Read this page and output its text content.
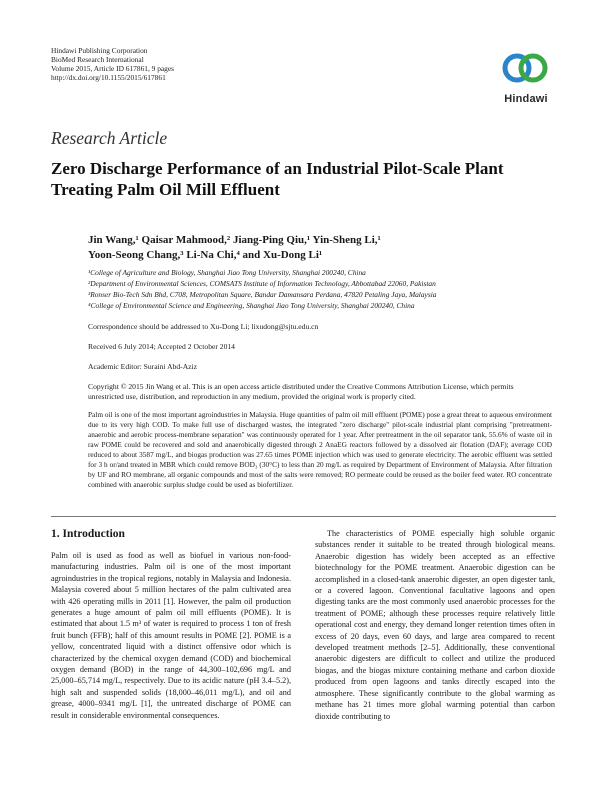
Hindawi Publishing Corporation
BioMed Research International
Volume 2015, Article ID 617861, 9 pages
http://dx.doi.org/10.1155/2015/617861
Hindawi
Research Article
Zero Discharge Performance of an Industrial Pilot-Scale Plant Treating Palm Oil Mill Effluent
Jin Wang,¹ Qaisar Mahmood,² Jiang-Ping Qiu,¹ Yin-Sheng Li,¹
Yoon-Seong Chang,³ Li-Na Chi,⁴ and Xu-Dong Li¹
¹College of Agriculture and Biology, Shanghai Jiao Tong University, Shanghai 200240, China
²Department of Environmental Sciences, COMSATS Institute of Information Technology, Abbottabad 22060, Pakistan
³Ronser Bio-Tech Sdn Bhd, C708, Metropolitan Square, Bandar Damansara Perdana, 47820 Petaling Jaya, Malaysia
⁴College of Environmental Science and Engineering, Shanghai Jiao Tong University, Shanghai 200240, China
Correspondence should be addressed to Xu-Dong Li; lixudong@sjtu.edu.cn
Received 6 July 2014; Accepted 2 October 2014
Academic Editor: Suraini Abd-Aziz
Copyright © 2015 Jin Wang et al. This is an open access article distributed under the Creative Commons Attribution License, which permits unrestricted use, distribution, and reproduction in any medium, provided the original work is properly cited.
Palm oil is one of the most important agroindustries in Malaysia. Huge quantities of palm oil mill effluent (POME) pose a great threat to aqueous environment due to its very high COD. To make full use of discharged wastes, the integrated "zero discharge" pilot-scale industrial plant comprising "pretreatment-anaerobic and aerobic process-membrane separation" was continuously operated for 1 year. After pretreatment in the oil separator tank, 55.6% of waste oil in raw POME could be recovered and sold and anaerobically digested through 2 AnaEG reactors followed by a dissolved air flotation (DAF); average COD reduced to about 3587 mg/L, and biogas production was 27.65 times POME injection which was used to generate electricity. The aerobic effluent was settled for 3 h or/and treated in MBR which could remove BOD₃ (30°C) to less than 20 mg/L as required by Department of Environment of Malaysia. After filtration by UF and RO membrane, all organic compounds and most of the salts were removed; RO permeate could be reused as the boiler feed water. RO concentrate combined with anaerobic surplus sludge could be used as biofertilizer.
1. Introduction

Palm oil is used as food as well as biofuel in various non-food-manufacturing industries. Palm oil is one of the most important agroindustries in the tropical regions, notably in Malaysia and Indonesia. Malaysia covered about 5 million hectares of the palm cultivated area with 426 operating mills in 2011 [1]. However, the palm oil production generates a huge amount of palm oil mill effluents (POME). It is estimated that about 1.5 m³ of water is required to process 1 ton of fresh fruit bunch (FFB); half of this amount results in POME [2]. POME is a yellow, concentrated liquid with a distinct offensive odor which is characterized by the chemical oxygen demand (COD) and biochemical oxygen demand (BOD) in the range of 44,300–102,696 mg/L and 25,000–65,714 mg/L, respectively. Due to its acidic nature (pH 3.4–5.2), high salt and suspended solids (18,000–46,011 mg/L), and oil and grease, 4000–9341 mg/L [1], the untreated discharge of POME can result in considerable environmental consequences.

The characteristics of POME especially high soluble organic substances render it suitable to be treated through biological means. Anaerobic digestion has widely been accepted as an effective biotechnology for the POME treatment. Anaerobic digestion can be accomplished in a closed-tank anaerobic digester, an open digester tank, or a covered lagoon. Conventional facultative lagoons and open digesting tanks are the most commonly used anaerobic processes for the treatment of POME; although these processes require relatively little operational cost and energy, they demand longer retention times often in excess of 20 days, even 60 days, and large area compared to recent developed treatment methods [2–5]. Additionally, these conventional anaerobic digesters are difficult to collect and utilize the produced biogas, and the biogas mixture containing methane and carbon dioxide produced from open lagoons and tanks directly escaped into the atmosphere. These significantly contribute to the global warming as methane has 21 times more global warming potential than carbon dioxide contributing to
